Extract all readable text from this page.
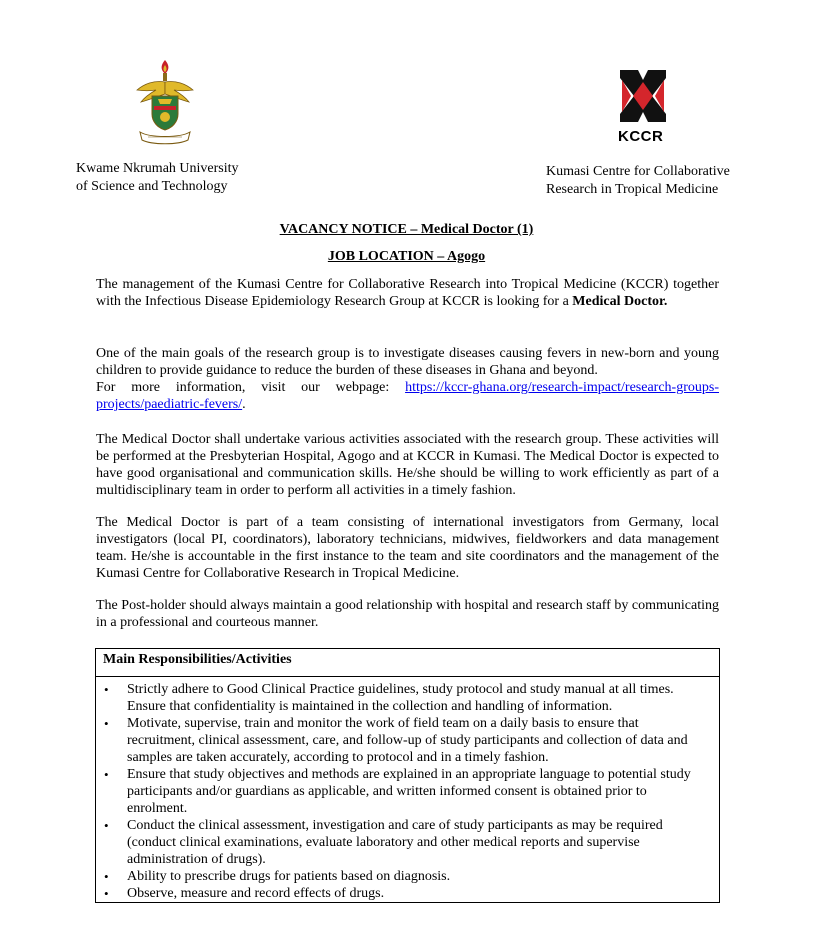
Kwame Nkrumah University
of Science and Technology
KCCR
Kumasi Centre for Collaborative
Research in Tropical Medicine
VACANCY NOTICE – Medical Doctor (1)
JOB LOCATION – Agogo
The management of the Kumasi Centre for Collaborative Research into Tropical Medicine (KCCR) together with the Infectious Disease Epidemiology Research Group at KCCR is looking for a Medical Doctor.
One of the main goals of the research group is to investigate diseases causing fevers in new-born and young children to provide guidance to reduce the burden of these diseases in Ghana and beyond.
For more information, visit our webpage: https://kccr-ghana.org/research-impact/research-groups-projects/paediatric-fevers/.
The Medical Doctor shall undertake various activities associated with the research group. These activities will be performed at the Presbyterian Hospital, Agogo and at KCCR in Kumasi. The Medical Doctor is expected to have good organisational and communication skills. He/she should be willing to work efficiently as part of a multidisciplinary team in order to perform all activities in a timely fashion.
The Medical Doctor is part of a team consisting of international investigators from Germany, local investigators (local PI, coordinators), laboratory technicians, midwives, fieldworkers and data management team. He/she is accountable in the first instance to the team and site coordinators and the management of the Kumasi Centre for Collaborative Research in Tropical Medicine.
The Post-holder should always maintain a good relationship with hospital and research staff by communicating in a professional and courteous manner.
Main Responsibilities/Activities
• Strictly adhere to Good Clinical Practice guidelines, study protocol and study manual at all times. Ensure that confidentiality is maintained in the collection and handling of information.
• Motivate, supervise, train and monitor the work of field team on a daily basis to ensure that recruitment, clinical assessment, care, and follow-up of study participants and collection of data and samples are taken accurately, according to protocol and in a timely fashion.
• Ensure that study objectives and methods are explained in an appropriate language to potential study participants and/or guardians as applicable, and written informed consent is obtained prior to enrolment.
• Conduct the clinical assessment, investigation and care of study participants as may be required (conduct clinical examinations, evaluate laboratory and other medical reports and supervise administration of drugs).
• Ability to prescribe drugs for patients based on diagnosis.
• Observe, measure and record effects of drugs.
